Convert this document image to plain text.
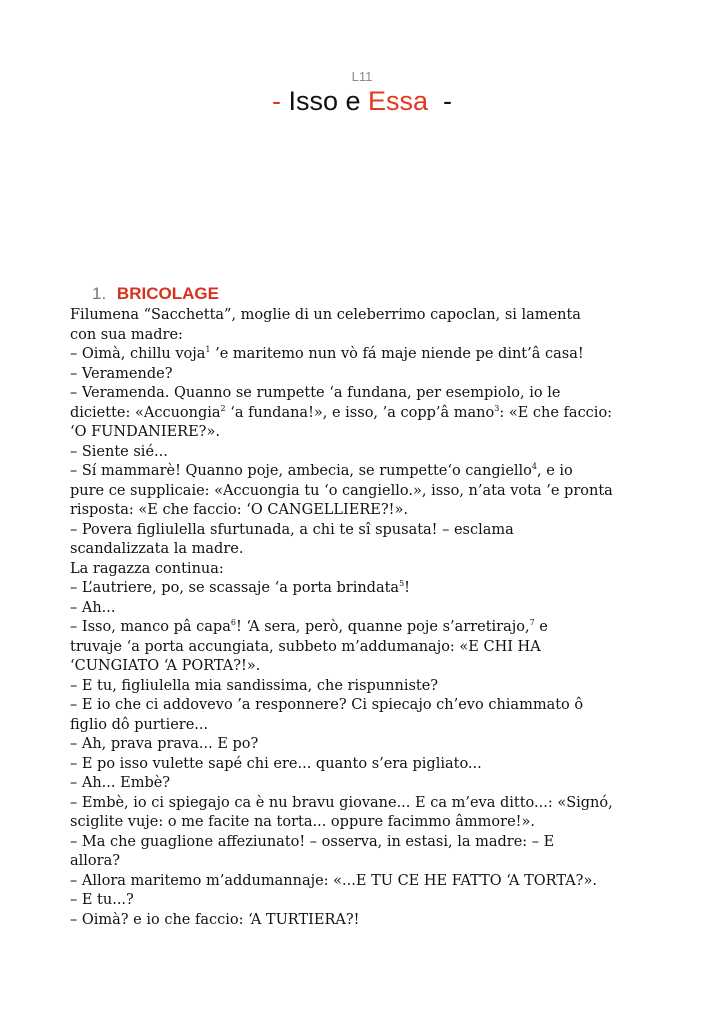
L11
- Isso e Essa  -
1. BRICOLAGE
Filumena “Sacchetta”, moglie di un celeberrimo capoclan, si lamenta
con sua madre:
– Oimà, chillu voja$^1$ ’e maritemo nun vò fá maje niende pe dint’â casa!
– Veramende?
– Veramenda. Quanno se rumpette ‘a fundana, per esempiolo, io le
diciette: «Accuongia$^2$ ‘a fundana!», e isso, ’a copp’â mano$^3$: «E che faccio:
‘O FUNDANIERE?».
– Siente sié...
– Sí mammarè! Quanno poje, ambecia, se rumpette‘o cangiello$^4$, e io
pure ce supplicaie: «Accuongia tu ‘o cangiello.», isso, n’ata vota ’e pronta
risposta: «E che faccio: ‘O CANGELLIERE?!».
– Povera figliulella sfurtunada, a chi te sî spusata! – esclama
scandalizzata la madre.
La ragazza continua:
– L’autriere, po, se scassaje ‘a porta brindata$^5$!
– Ah...
– Isso, manco pâ capa$^6$! ‘A sera, però, quanne poje s’arretirajo,$^7$ e
truvaje ‘a porta accungiata, subbeto m’addumanajo: «E CHI HA
‘CUNGIATO ‘A PORTA?!».
– E tu, figliulella mia sandissima, che rispunniste?
– E io che ci addovevo ’a responnere? Ci spiecajo ch’evo chiammato ô
figlio dô purtiere...
– Ah, prava prava... E po?
– E po isso vulette sapé chi ere... quanto s’era pigliato...
– Ah... Embè?
– Embè, io ci spiegajo ca è nu bravu giovane... E ca m’eva ditto...: «Signó,
sciglite vuje: o me facite na torta... oppure facimmo âmmore!».
– Ma che guaglione affeziunato! – osserva, in estasi, la madre: – E
allora?
– Allora maritemo m’addumannaje: «...E TU CE HE FATTO ‘A TORTA?».
– E tu...?
– Oimà? e io che faccio: ‘A TURTIERA?!
